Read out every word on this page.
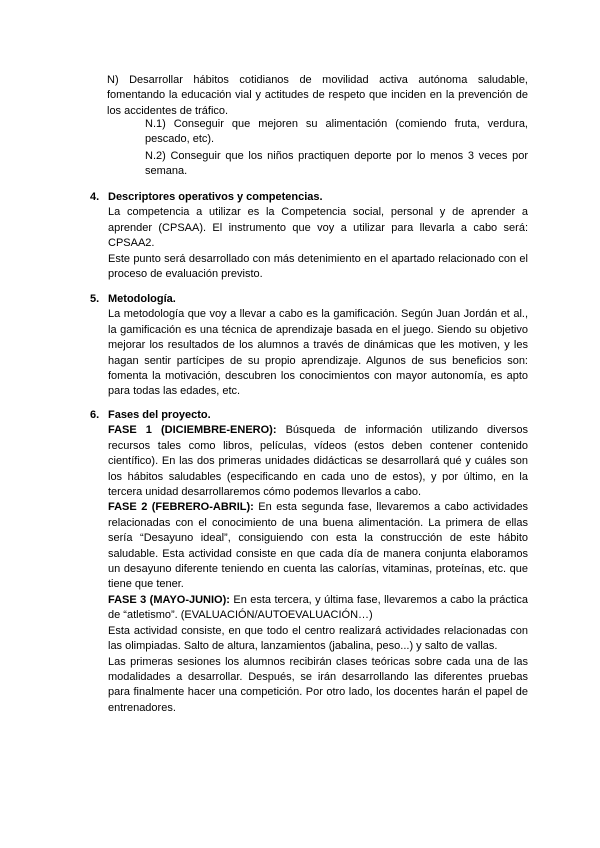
N) Desarrollar hábitos cotidianos de movilidad activa autónoma saludable, fomentando la educación vial y actitudes de respeto que inciden en la prevención de los accidentes de tráfico.

N.1) Conseguir que mejoren su alimentación (comiendo fruta, verdura, pescado, etc).

N.2) Conseguir que los niños practiquen deporte por lo menos 3 veces por semana.

4. Descriptores operativos y competencias.

La competencia a utilizar es la Competencia social, personal y de aprender a aprender (CPSAA). El instrumento que voy a utilizar para llevarla a cabo será: CPSAA2.

Este punto será desarrollado con más detenimiento en el apartado relacionado con el proceso de evaluación previsto.

5. Metodología.

La metodología que voy a llevar a cabo es la gamificación. Según Juan Jordán et al., la gamificación es una técnica de aprendizaje basada en el juego. Siendo su objetivo mejorar los resultados de los alumnos a través de dinámicas que les motiven, y les hagan sentir partícipes de su propio aprendizaje. Algunos de sus beneficios son: fomenta la motivación, descubren los conocimientos con mayor autonomía, es apto para todas las edades, etc.

6. Fases del proyecto.

FASE 1 (DICIEMBRE-ENERO): Búsqueda de información utilizando diversos recursos tales como libros, películas, vídeos (estos deben contener contenido científico). En las dos primeras unidades didácticas se desarrollará qué y cuáles son los hábitos saludables (especificando en cada uno de estos), y por último, en la tercera unidad desarrollaremos cómo podemos llevarlos a cabo.

FASE 2 (FEBRERO-ABRIL): En esta segunda fase, llevaremos a cabo actividades relacionadas con el conocimiento de una buena alimentación. La primera de ellas sería “Desayuno ideal”, consiguiendo con esta la construcción de este hábito saludable. Esta actividad consiste en que cada día de manera conjunta elaboramos un desayuno diferente teniendo en cuenta las calorías, vitaminas, proteínas, etc. que tiene que tener.

FASE 3 (MAYO-JUNIO): En esta tercera, y última fase, llevaremos a cabo la práctica de “atletismo”. (EVALUACIÓN/AUTOEVALUACIÓN…)

Esta actividad consiste, en que todo el centro realizará actividades relacionadas con las olimpiadas. Salto de altura, lanzamientos (jabalina, peso...) y salto de vallas.

Las primeras sesiones los alumnos recibirán clases teóricas sobre cada una de las modalidades a desarrollar. Después, se irán desarrollando las diferentes pruebas para finalmente hacer una competición. Por otro lado, los docentes harán el papel de entrenadores.
